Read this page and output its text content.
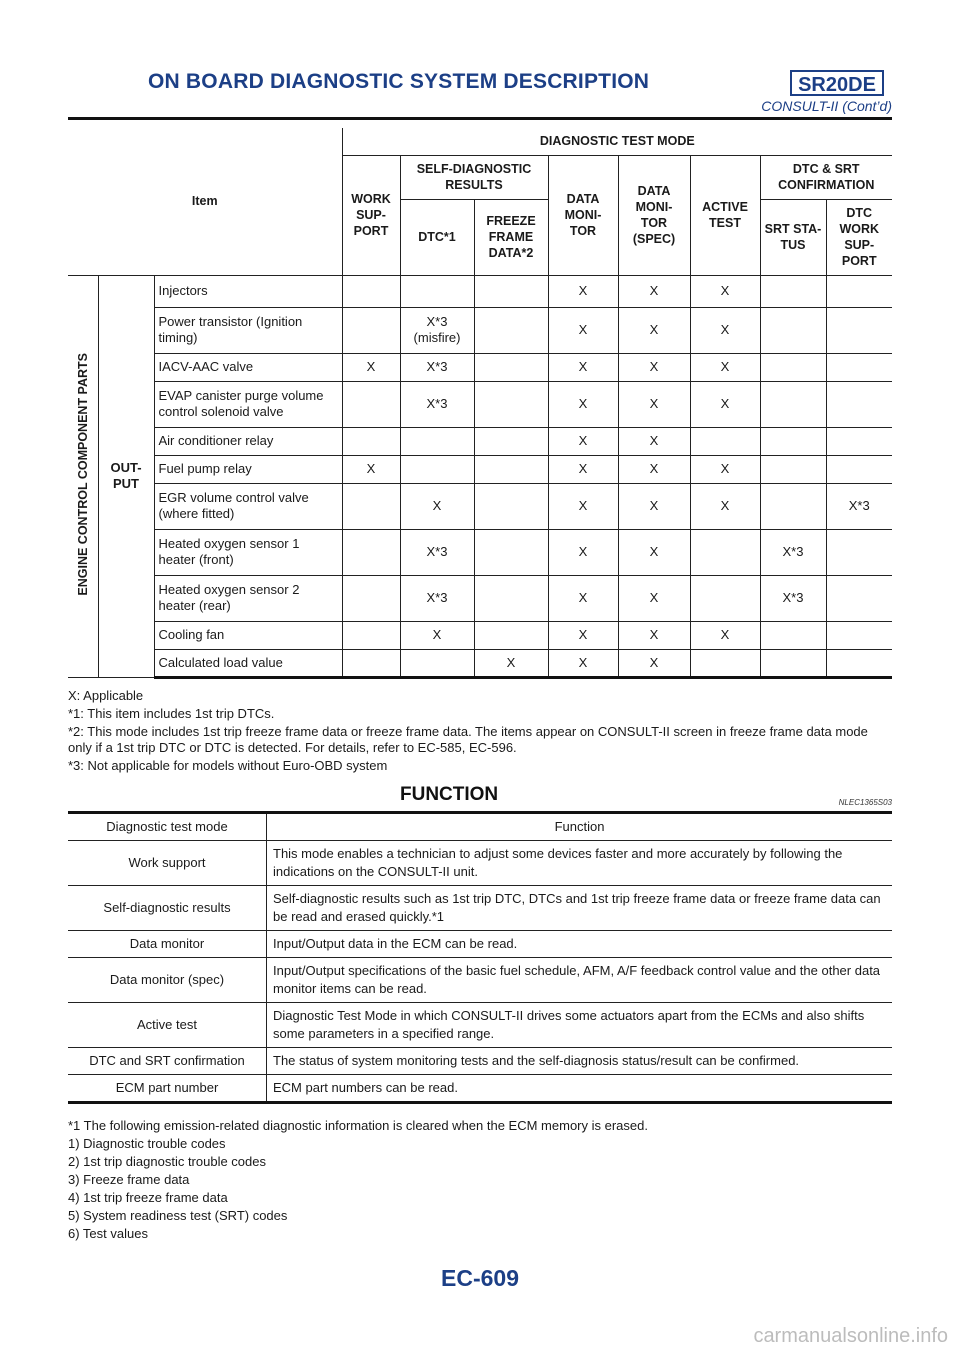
ON BOARD DIAGNOSTIC SYSTEM DESCRIPTION	SR20DE
CONSULT-II (Cont’d)
Item			DIAGNOSTIC TEST MODE							
			WORK SUP- PORT	SELF-DIAGNOSTIC RESULTS		DATA MONI- TOR	DATA MONI- TOR (SPEC)	ACTIVE TEST	DTC & SRT CONFIRMATION	
				DTC*1	FREEZE FRAME DATA*2				SRT STA- TUS	DTC WORK SUP- PORT
ENGINE CONTROL COMPONENT PARTS	OUT- PUT	Injectors				X	X	X		
		Power transistor (Ignition timing)		X*3 (misfire)		X	X	X		
		IACV-AAC valve	X	X*3		X	X	X		
		EVAP canister purge volume control solenoid valve		X*3		X	X	X		
		Air conditioner relay				X	X			
		Fuel pump relay	X			X	X	X		
		EGR volume control valve (where fitted)		X		X	X	X		X*3
		Heated oxygen sensor 1 heater (front)		X*3		X	X		X*3	
		Heated oxygen sensor 2 heater (rear)		X*3		X	X		X*3	
		Cooling fan		X		X	X	X		
		Calculated load value			X	X	X			

X: Applicable

*1: This item includes 1st trip DTCs.

*2: This mode includes 1st trip freeze frame data or freeze frame data. The items appear on CONSULT-II screen in freeze frame data mode only if a 1st trip DTC or DTC is detected. For details, refer to EC-585, EC-596.

*3: Not applicable for models without Euro-OBD system

FUNCTION	NLEC1365S03
Diagnostic test mode	Function
Work support	This mode enables a technician to adjust some devices faster and more accurately by following the indications on the CONSULT-II unit.
Self-diagnostic results	Self-diagnostic results such as 1st trip DTC, DTCs and 1st trip freeze frame data or freeze frame data can be read and erased quickly.*1
Data monitor	Input/Output data in the ECM can be read.
Data monitor (spec)	Input/Output specifications of the basic fuel schedule, AFM, A/F feedback control value and the other data monitor items can be read.
Active test	Diagnostic Test Mode in which CONSULT-II drives some actuators apart from the ECMs and also shifts some parameters in a specified range.
DTC and SRT confirmation	The status of system monitoring tests and the self-diagnosis status/result can be confirmed.
ECM part number	ECM part numbers can be read.

*1 The following emission-related diagnostic information is cleared when the ECM memory is erased.

1) Diagnostic trouble codes

2) 1st trip diagnostic trouble codes

3) Freeze frame data

4) 1st trip freeze frame data

5) System readiness test (SRT) codes

6) Test values

EC-609
carmanualsonline.info
